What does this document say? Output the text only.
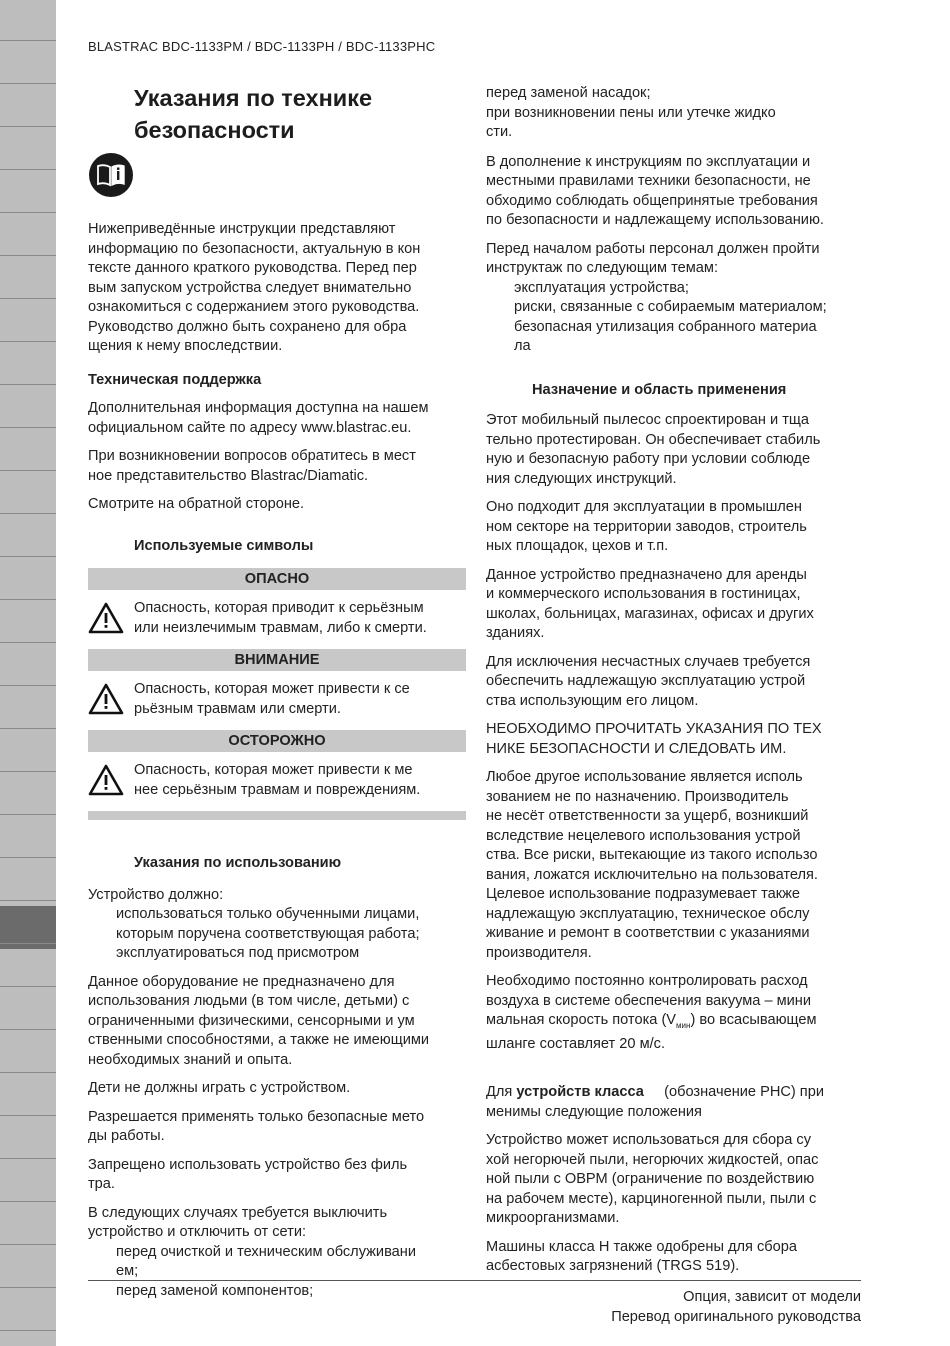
BLASTRAC BDC-1133PM / BDC-1133PH / BDC-1133PHC
Указания по технике
безопасности

Нижеприведённые инструкции представляют
информацию по безопасности, актуальную в кон
тексте данного краткого руководства. Перед пер
вым запуском устройства следует внимательно
ознакомиться с содержанием этого руководства.
Руководство должно быть сохранено для обра
щения к нему впоследствии.

Техническая поддержка

Дополнительная информация доступна на нашем
официальном сайте по адресу www.blastrac.eu.

При возникновении вопросов обратитесь в мест
ное представительство Blastrac/Diamatic.

Смотрите на обратной стороне.

Используемые символы
ОПАСНО
Опасность, которая приводит к серьёзным
или неизлечимым травмам, либо к смерти.
ВНИМАНИЕ
Опасность, которая может привести к се
рьёзным травмам или смерти.
ОСТОРОЖНО
Опасность, которая может привести к ме
нее серьёзным травмам и повреждениям.
Указания по использованию

Устройство должно:
использоваться только обученными лицами,
которым поручена соответствующая работа;
эксплуатироваться под присмотром

Данное оборудование не предназначено для
использования людьми (в том числе, детьми) с
ограниченными физическими, сенсорными и ум
ственными способностями, а также не имеющими
необходимых знаний и опыта.

Дети не должны играть с устройством.

Разрешается применять только безопасные мето
ды работы.

Запрещено использовать устройство без филь
тра.

В следующих случаях требуется выключить
устройство и отключить от сети:
перед очисткой и техническим обслуживани
ем;
перед заменой компонентов;

перед заменой насадок;
при возникновении пены или утечке жидко
сти.

В дополнение к инструкциям по эксплуатации и
местными правилами техники безопасности, не
обходимо соблюдать общепринятые требования
по безопасности и надлежащему использованию.

Перед началом работы персонал должен пройти
инструктаж по следующим темам:
эксплуатация устройства;
риски, связанные с собираемым материалом;
безопасная утилизация собранного материа
ла

Назначение и область применения

Этот мобильный пылесос спроектирован и тща
тельно протестирован. Он обеспечивает стабиль
ную и безопасную работу при условии соблюде
ния следующих инструкций.

Оно подходит для эксплуатации в промышлен
ном секторе на территории заводов, строитель
ных площадок, цехов и т.п.

Данное устройство предназначено для аренды
и коммерческого использования в гостиницах,
школах, больницах, магазинах, офисах и других
зданиях.

Для исключения несчастных случаев требуется
обеспечить надлежащую эксплуатацию устрой
ства использующим его лицом.

НЕОБХОДИМО ПРОЧИТАТЬ УКАЗАНИЯ ПО ТЕХ
НИКЕ БЕЗОПАСНОСТИ И СЛЕДОВАТЬ ИМ.

Любое другое использование является исполь
зованием не по назначению. Производитель
не несёт ответственности за ущерб, возникший
вследствие нецелевого использования устрой
ства. Все риски, вытекающие из такого использо
вания, ложатся исключительно на пользователя.
Целевое использование подразумевает также
надлежащую эксплуатацию, техническое обслу
живание и ремонт в соответствии с указаниями
производителя.

Необходимо постоянно контролировать расход
воздуха в системе обеспечения вакуума – мини
мальная скорость потока $(V_{мин})$ во всасывающем
шланге составляет 20 м/с.

Для устройств класса     (обозначение PHC) при
менимы следующие положения

Устройство может использоваться для сбора су
хой негорючей пыли, негорючих жидкостей, опас
ной пыли с ОВРМ (ограничение по воздействию
на рабочем месте), карциногенной пыли, пыли с
микроорганизмами.

Машины класса H также одобрены для сбора
асбестовых загрязнений (TRGS 519).

Опция, зависит от модели
Перевод оригинального руководства
